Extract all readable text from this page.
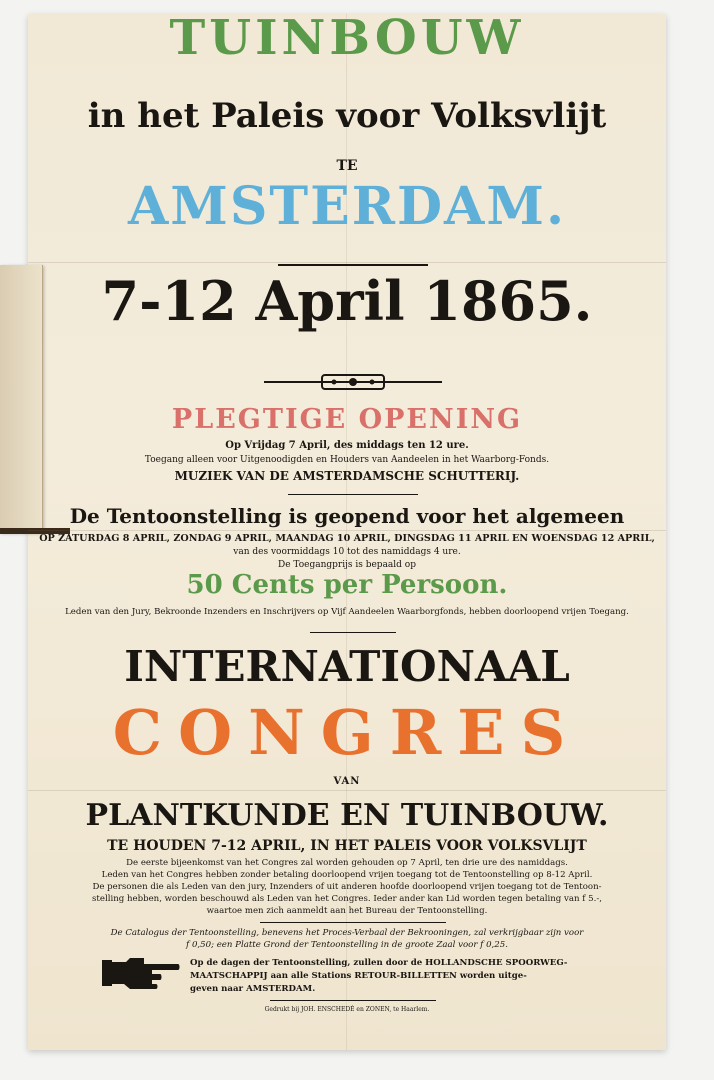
TUINBOUW
in het Paleis voor Volksvlijt
TE
AMSTERDAM.
7-12 April 1865.
PLEGTIGE OPENING
Op Vrijdag 7 April, des middags ten 12 ure.
Toegang alleen voor Uitgenoodigden en Houders van Aandeelen in het Waarborg-Fonds.
MUZIEK VAN DE AMSTERDAMSCHE SCHUTTERIJ.
De Tentoonstelling is geopend voor het algemeen
OP ZATURDAG 8 APRIL, ZONDAG 9 APRIL, MAANDAG 10 APRIL, DINGSDAG 11 APRIL EN WOENSDAG 12 APRIL,
van des voormiddags 10 tot des namiddags 4 ure.
De Toegangprijs is bepaald op
50 Cents per Persoon.
Leden van den Jury, Bekroonde Inzenders en Inschrijvers op Vijf Aandeelen Waarborgfonds, hebben doorloopend vrijen Toegang.
INTERNATIONAAL
CONGRES
VAN
PLANTKUNDE EN TUINBOUW.
TE HOUDEN 7-12 APRIL, IN HET PALEIS VOOR VOLKSVLIJT
De eerste bijeenkomst van het Congres zal worden gehouden op 7 April, ten drie ure des namiddags.
Leden van het Congres hebben zonder betaling doorloopend vrijen toegang tot de Tentoonstelling op 8-12 April.
De personen die als Leden van den jury, Inzenders of uit anderen hoofde doorloopend vrijen toegang tot de Tentoon-
stelling hebben, worden beschouwd als Leden van het Congres. Ieder ander kan Lid worden tegen betaling van f 5.-,
waartoe men zich aanmeldt aan het Bureau der Tentoonstelling.
De Catalogus der Tentoonstelling, benevens het Proces-Verbaal der Bekrooningen, zal verkrijgbaar zijn voor
f 0,50; een Platte Grond der Tentoonstelling in de groote Zaal voor f 0,25.
Op de dagen der Tentoonstelling, zullen door de HOLLANDSCHE SPOORWEG-
MAATSCHAPPIJ aan alle Stations RETOUR-BILLETTEN worden uitge-
geven naar AMSTERDAM.
Gedrukt bij JOH. ENSCHEDÉ en ZONEN, te Haarlem.
